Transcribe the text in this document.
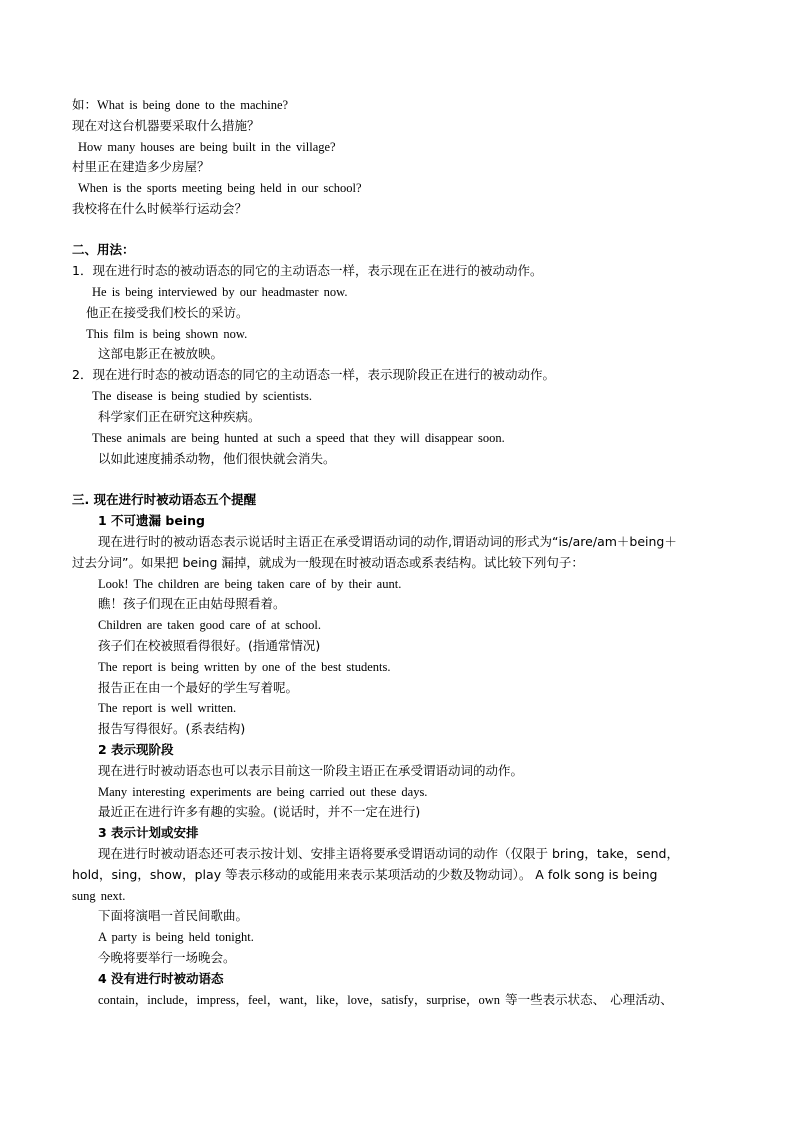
如：What is being done to the machine?
现在对这台机器要采取什么措施？
How many houses are being built in the village?
村里正在建造多少房屋？
When is the sports meeting being held in our school?
我校将在什么时候举行运动会？
二、用法：
1．现在进行时态的被动语态的同它的主动语态一样，表示现在正在进行的被动动作。
He is being interviewed by our headmaster now.
他正在接受我们校长的采访。
This film is being shown now.
这部电影正在被放映。
2．现在进行时态的被动语态的同它的主动语态一样，表示现阶段正在进行的被动动作。
The disease is being studied by scientists.
科学家们正在研究这种疾病。
These animals are being hunted at such a speed that they will disappear soon.
以如此速度捕杀动物，他们很快就会消失。
三. 现在进行时被动语态五个提醒
1 不可遗漏 being
现在进行时的被动语态表示说话时主语正在承受谓语动词的动作,谓语动词的形式为“is/are/am＋being＋
过去分词”。如果把 being 漏掉，就成为一般现在时被动语态或系表结构。试比较下列句子：
Look! The children are being taken care of by their aunt.
瞧！孩子们现在正由姑母照看着。
Children are taken good care of at school.
孩子们在校被照看得很好。(指通常情况)
The report is being written by one of the best students.
报告正在由一个最好的学生写着呢。
The report is well written.
报告写得很好。(系表结构)
2 表示现阶段
现在进行时被动语态也可以表示目前这一阶段主语正在承受谓语动词的动作。
Many interesting experiments are being carried out these days.
最近正在进行许多有趣的实验。(说话时，并不一定在进行)
3 表示计划或安排
现在进行时被动语态还可表示按计划、安排主语将要承受谓语动词的动作（仅限于 bring，take，send，
hold，sing，show，play 等表示移动的或能用来表示某项活动的少数及物动词）。 A folk song is being
sung next.
下面将演唱一首民间歌曲。
A party is being held tonight.
今晚将要举行一场晚会。
4 没有进行时被动语态
contain，include，impress，feel，want，like，love，satisfy，surprise，own 等一些表示状态、 心理活动、
